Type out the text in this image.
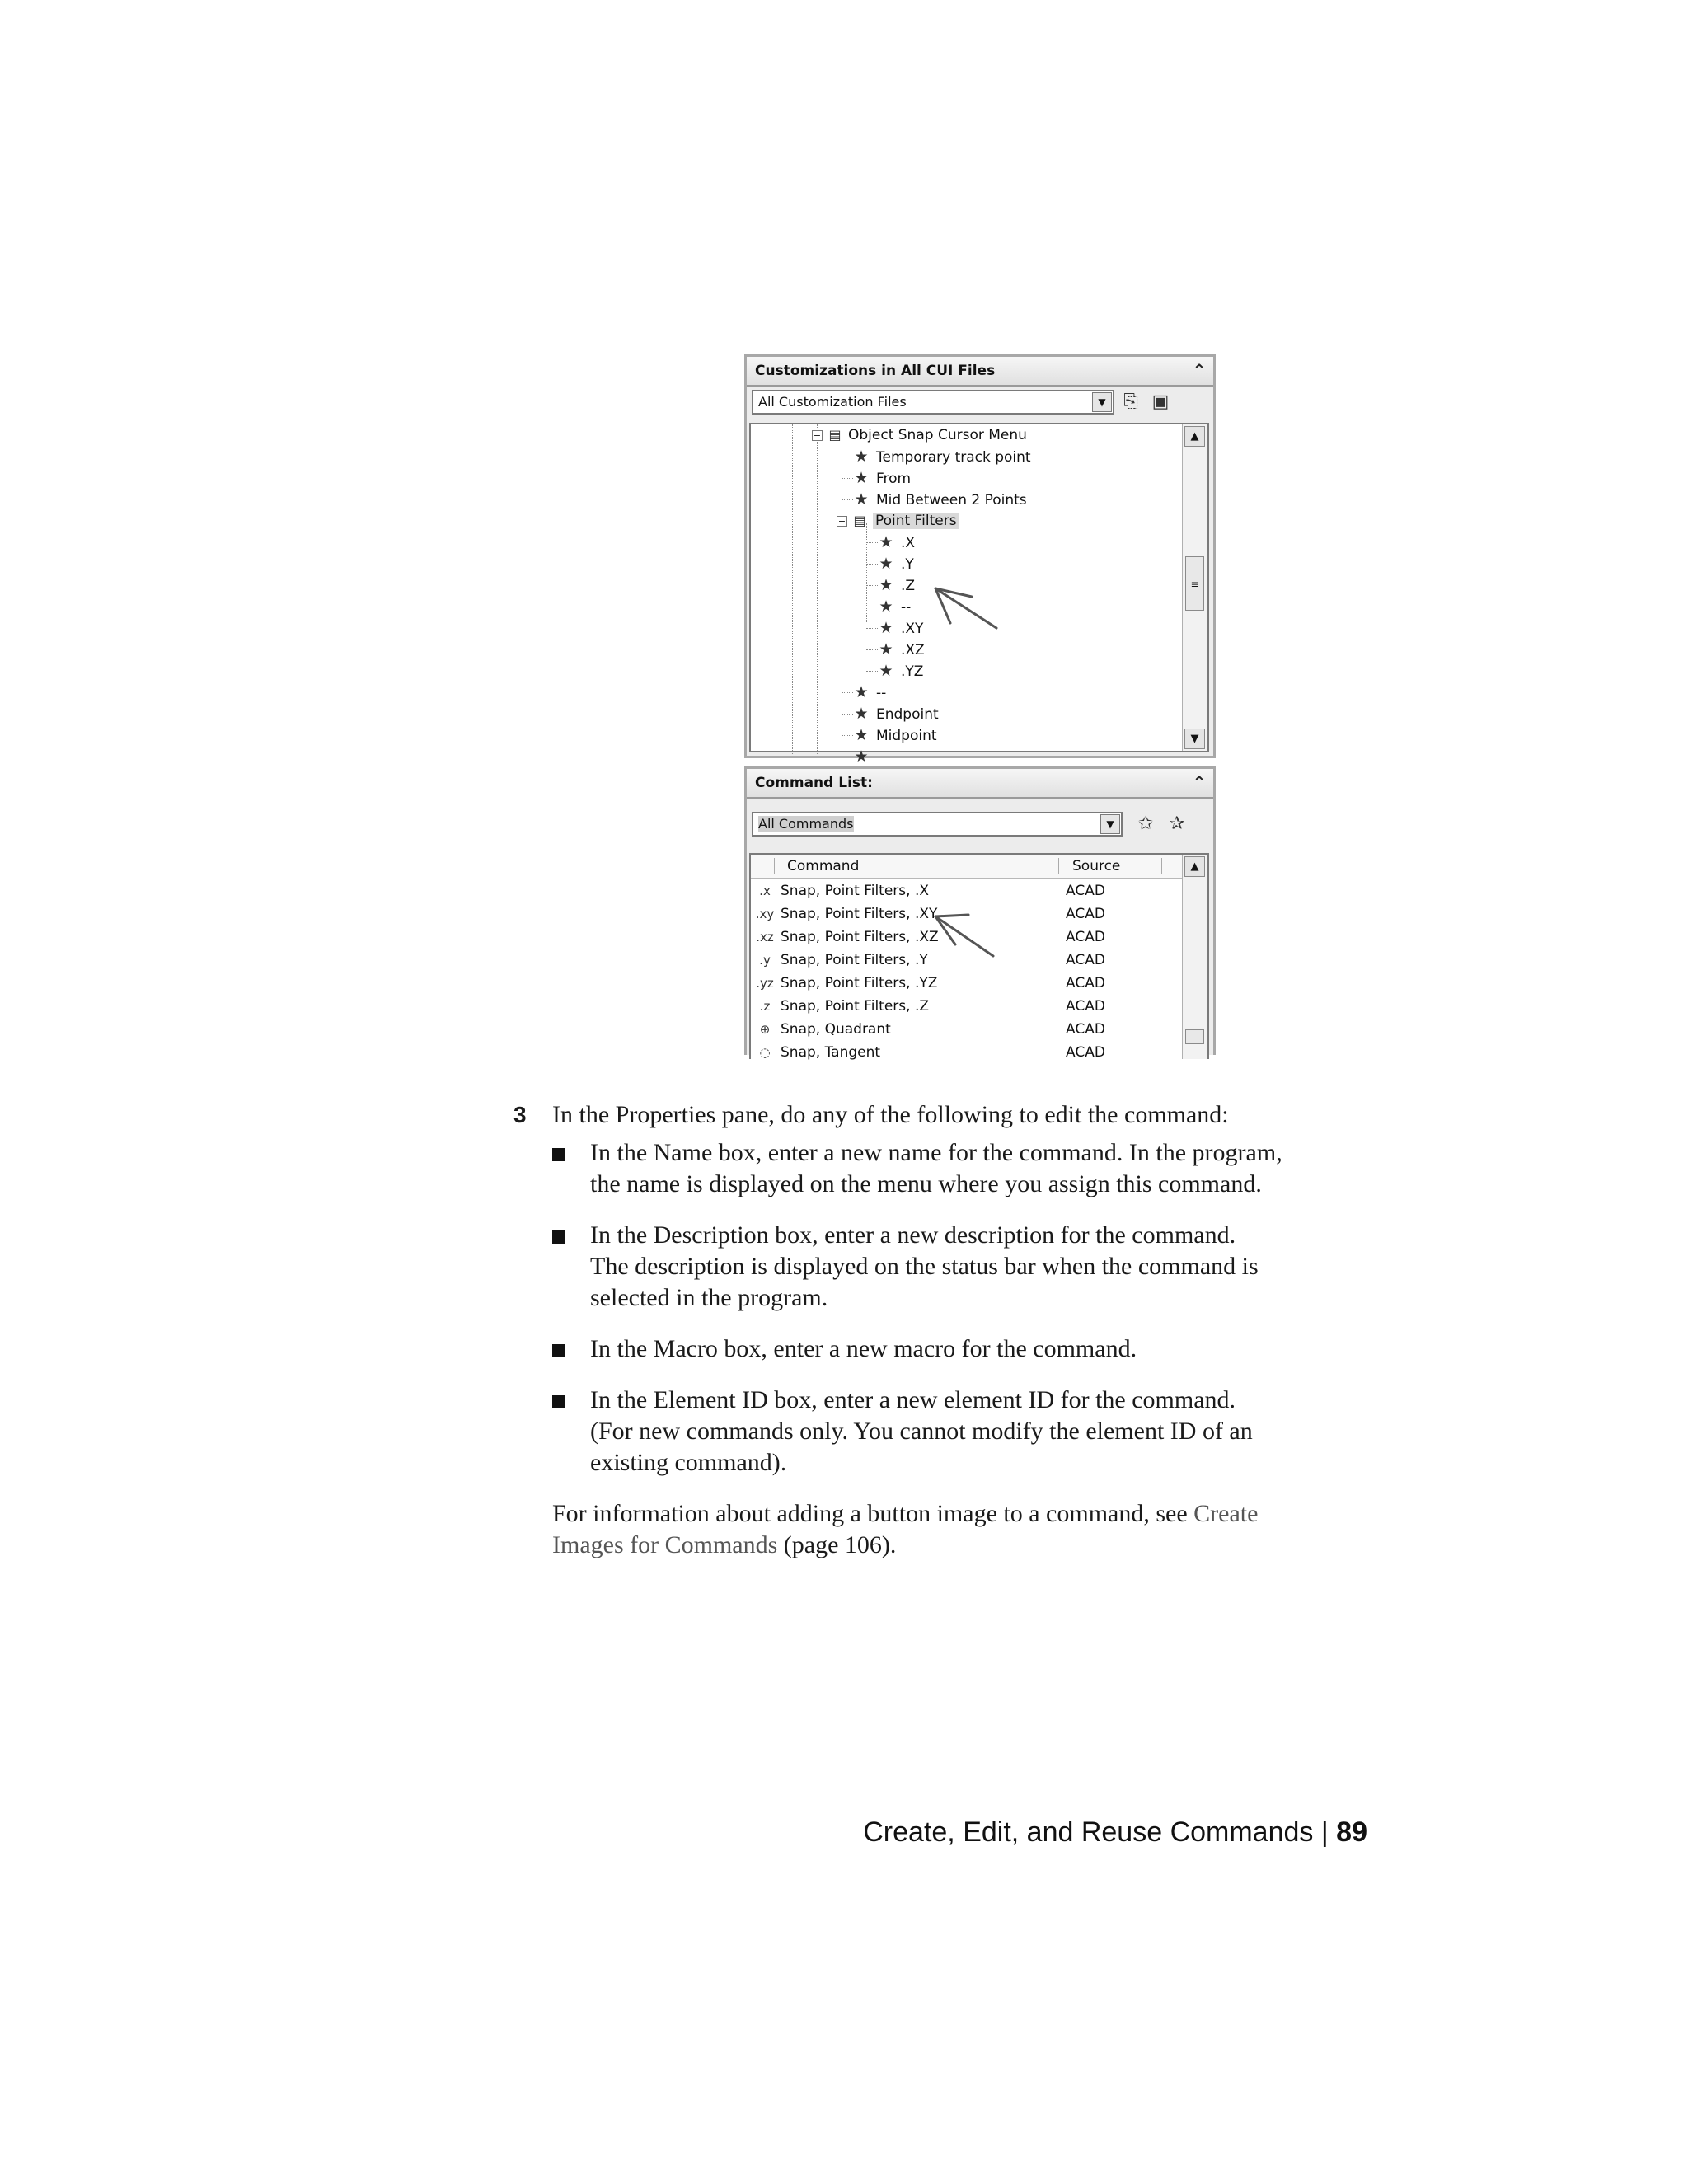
Customizations in All CUI Files	⌃
All Customization Files	▼ ⎘ ▣
−
−
▤ Object Snap Cursor Menu
★ Temporary track point
★ From
★ Mid Between 2 Points
▤ Point Filters
★ .X
★ .Y
★ .Z
★ --
★ .XY
★ .XZ
★ .YZ
★ --
★ Endpoint
★ Midpoint
★
▲
≡
▼
Command List:	⌃
All Commands	▼	✩ ✰
Command	Source
.x Snap, Point Filters, .X	ACAD
.xy Snap, Point Filters, .XY	ACAD
.xz Snap, Point Filters, .XZ	ACAD
.y Snap, Point Filters, .Y	ACAD
.yz Snap, Point Filters, .YZ	ACAD
.z Snap, Point Filters, .Z	ACAD
⊕ Snap, Quadrant	ACAD
◌ Snap, Tangent	ACAD
▲
3 In the Properties pane, do any of the following to edit the command:
In the Name box, enter a new name for the command. In the program,
the name is displayed on the menu where you assign this command.
In the Description box, enter a new description for the command.
The description is displayed on the status bar when the command is
selected in the program.
In the Macro box, enter a new macro for the command.
In the Element ID box, enter a new element ID for the command.
(For new commands only. You cannot modify the element ID of an
existing command).
For information about adding a button image to a command, see Create
Images for Commands (page 106).
Create, Edit, and Reuse Commands | 89
